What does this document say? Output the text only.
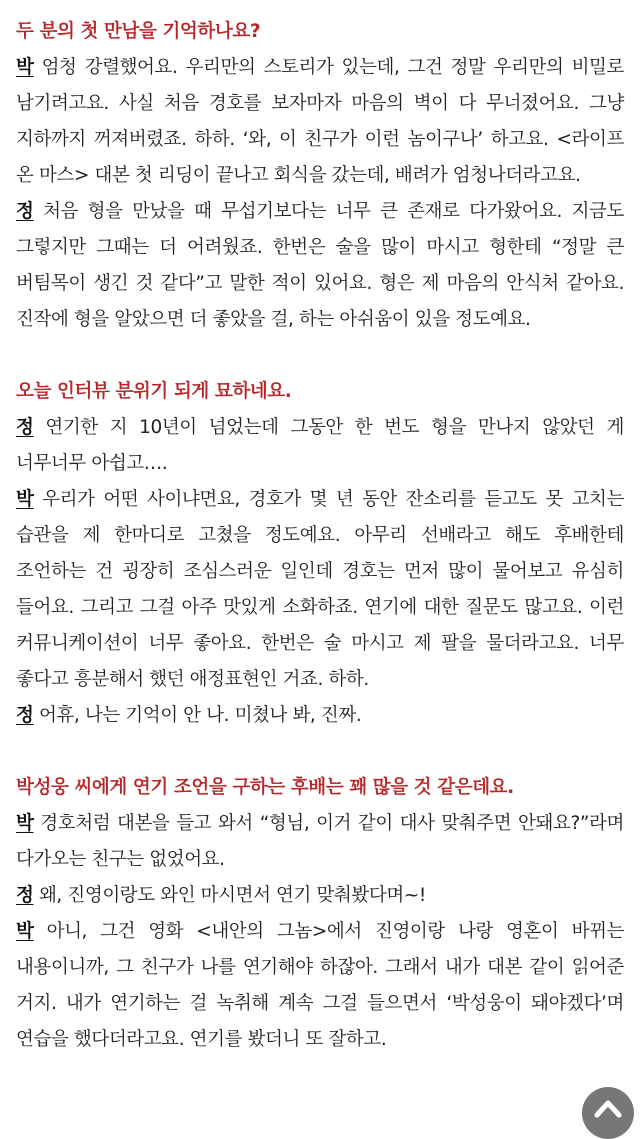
두 분의 첫 만남을 기억하나요?

박 엄청 강렬했어요. 우리만의 스토리가 있는데, 그건 정말 우리만의 비밀로 남기려고요. 사실 처음 경호를 보자마자 마음의 벽이 다 무너졌어요. 그냥 지하까지 꺼져버렸죠. 하하. ‘와, 이 친구가 이런 놈이구나’ 하고요. <라이프 온 마스> 대본 첫 리딩이 끝나고 회식을 갔는데, 배려가 엄청나더라고요.

정 처음 형을 만났을 때 무섭기보다는 너무 큰 존재로 다가왔어요. 지금도 그렇지만 그때는 더 어려웠죠. 한번은 술을 많이 마시고 형한테 “정말 큰 버팀목이 생긴 것 같다”고 말한 적이 있어요. 형은 제 마음의 안식처 같아요. 진작에 형을 알았으면 더 좋았을 걸, 하는 아쉬움이 있을 정도예요.

오늘 인터뷰 분위기 되게 묘하네요.

정 연기한 지 10년이 넘었는데 그동안 한 번도 형을 만나지 않았던 게 너무너무 아쉽고….

박 우리가 어떤 사이냐면요, 경호가 몇 년 동안 잔소리를 듣고도 못 고치는 습관을 제 한마디로 고쳤을 정도예요. 아무리 선배라고 해도 후배한테 조언하는 건 굉장히 조심스러운 일인데 경호는 먼저 많이 물어보고 유심히 들어요. 그리고 그걸 아주 맛있게 소화하죠. 연기에 대한 질문도 많고요. 이런 커뮤니케이션이 너무 좋아요. 한번은 술 마시고 제 팔을 물더라고요. 너무 좋다고 흥분해서 했던 애정표현인 거죠. 하하.

정 어휴, 나는 기억이 안 나. 미쳤나 봐, 진짜.

박성웅 씨에게 연기 조언을 구하는 후배는 꽤 많을 것 같은데요.

박 경호처럼 대본을 들고 와서 “형님, 이거 같이 대사 맞춰주면 안돼요?”라며 다가오는 친구는 없었어요.

정 왜, 진영이랑도 와인 마시면서 연기 맞춰봤다며~!

박 아니, 그건 영화 <내안의 그놈>에서 진영이랑 나랑 영혼이 바뀌는 내용이니까, 그 친구가 나를 연기해야 하잖아. 그래서 내가 대본 같이 읽어준 거지. 내가 연기하는 걸 녹취해 계속 그걸 들으면서 ‘박성웅이 돼야겠다’며 연습을 했다더라고요. 연기를 봤더니 또 잘하고.
